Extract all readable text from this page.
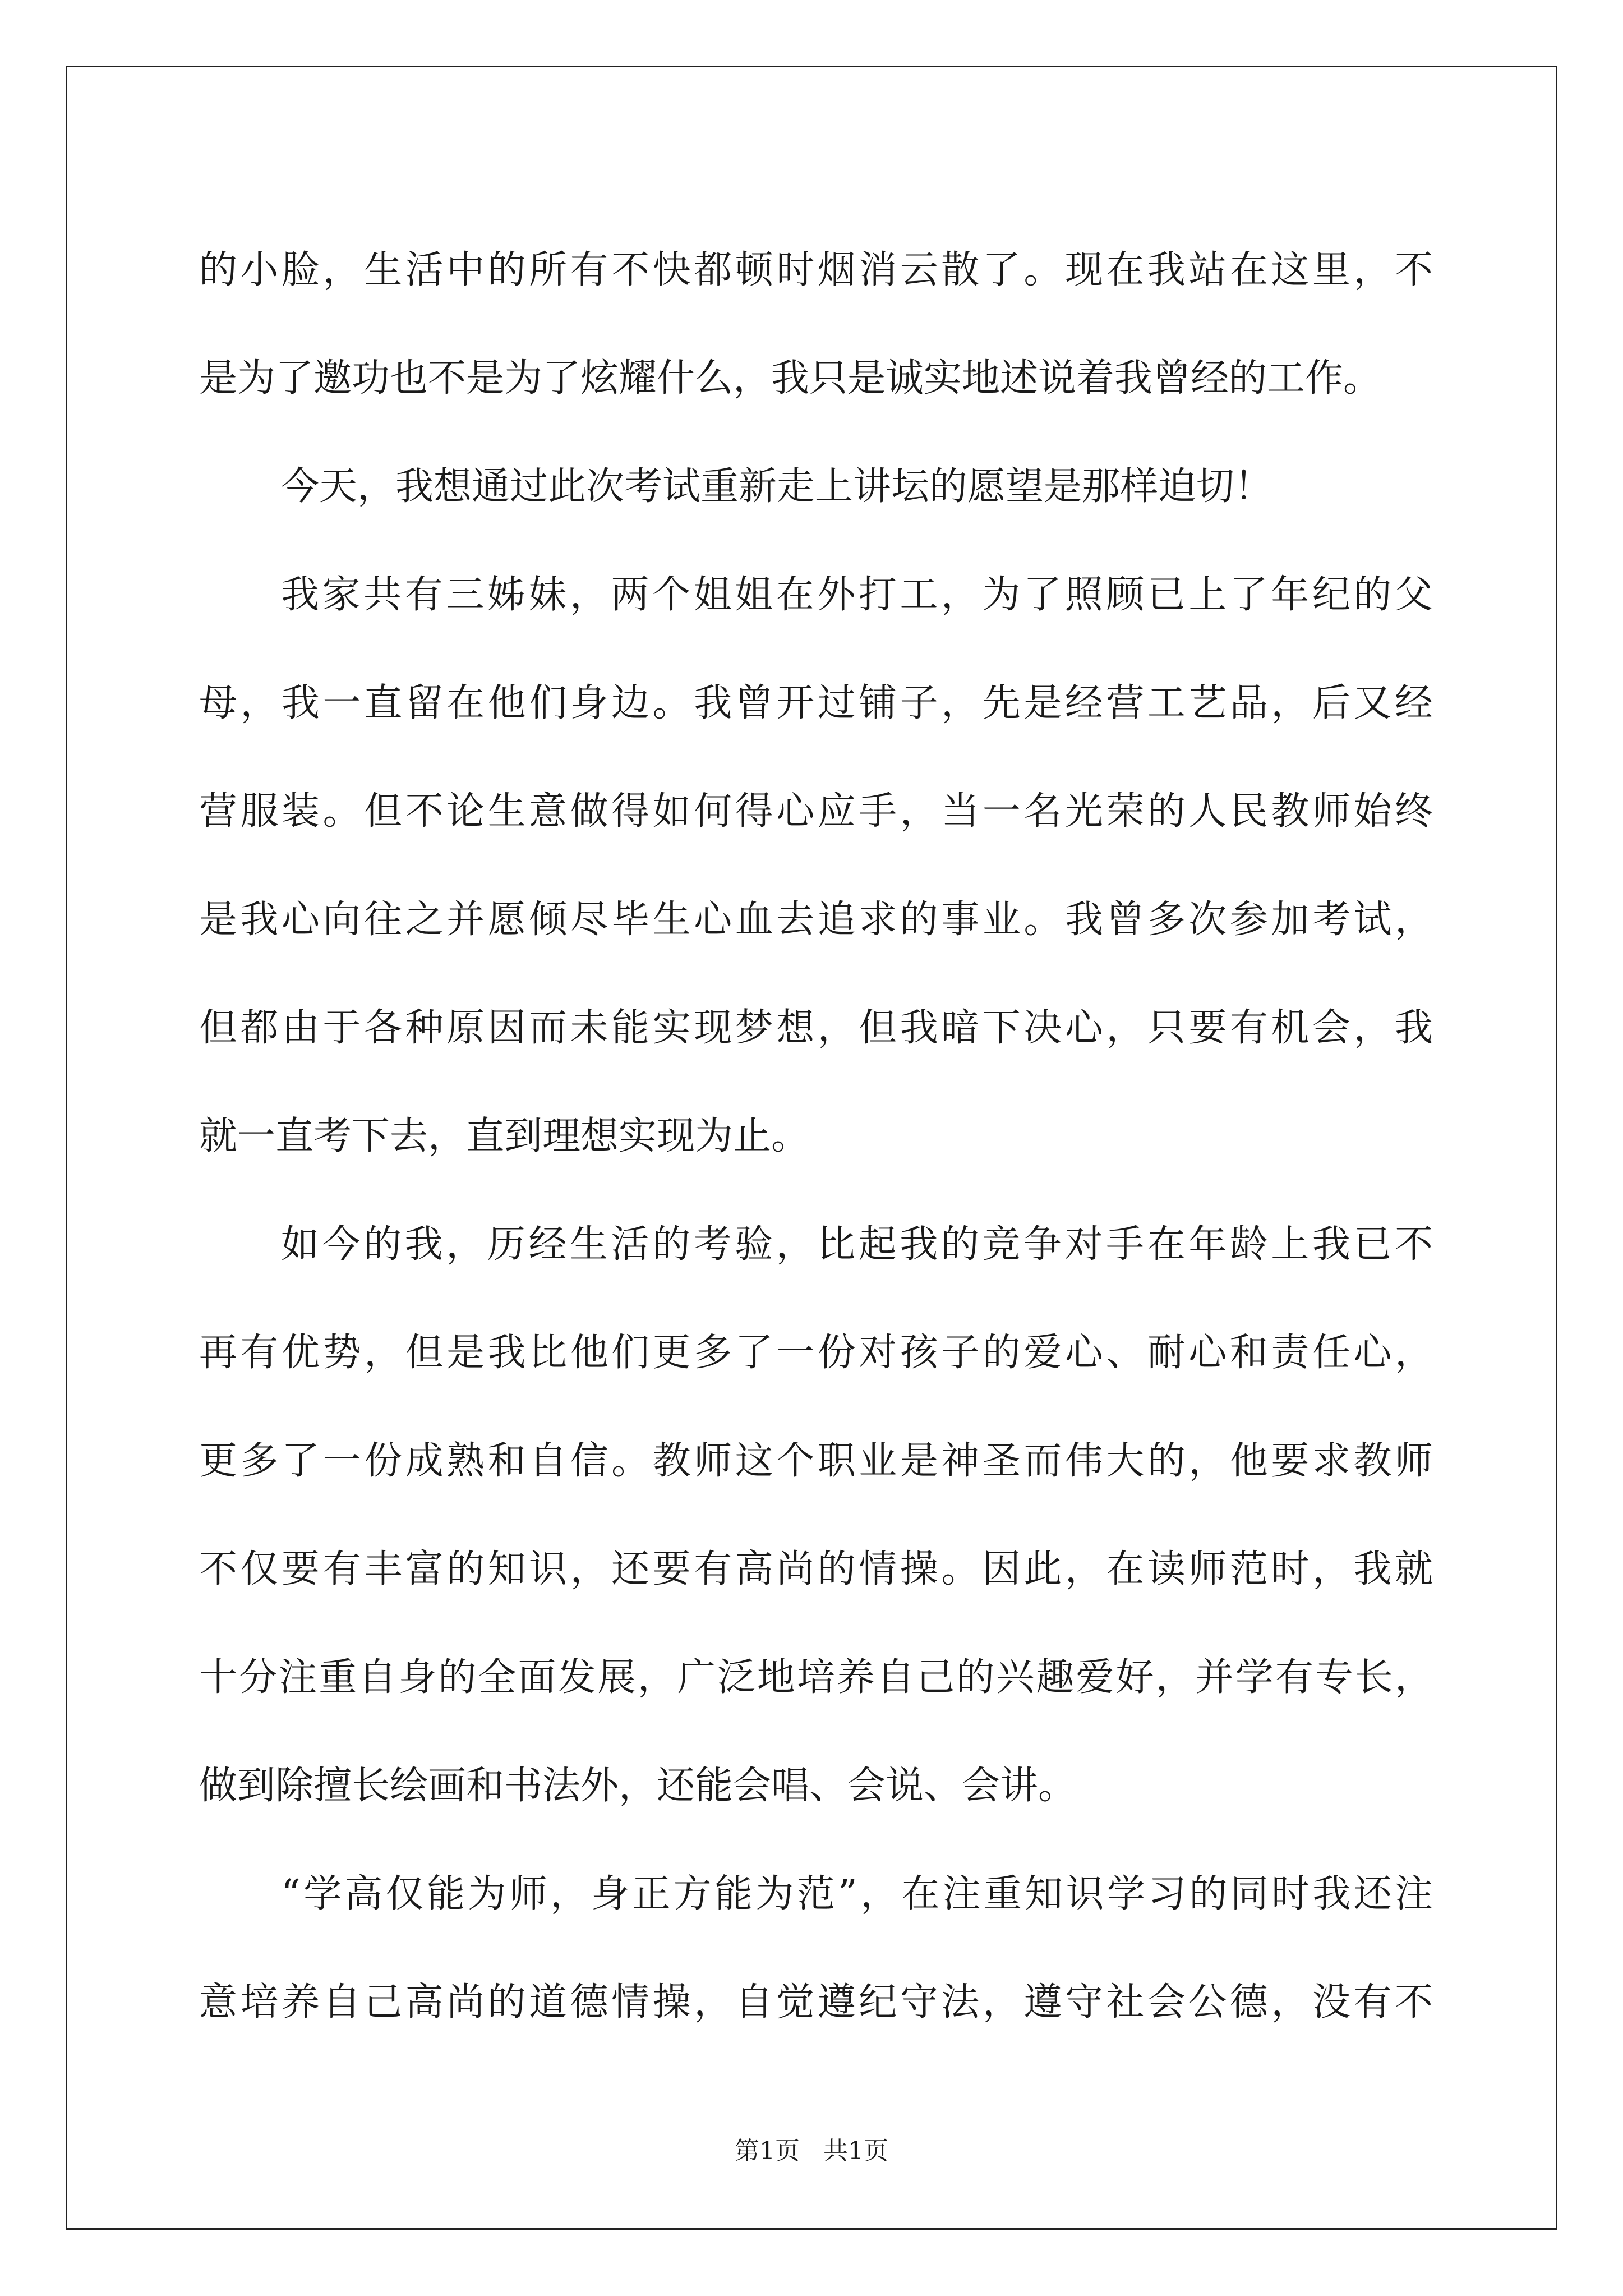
的小脸，生活中的所有不快都顿时烟消云散了。现在我站在这里，不
是为了邀功也不是为了炫耀什么，我只是诚实地述说着我曾经的工作。
今天，我想通过此次考试重新走上讲坛的愿望是那样迫切！
我家共有三姊妹，两个姐姐在外打工，为了照顾已上了年纪的父
母，我一直留在他们身边。我曾开过铺子，先是经营工艺品，后又经
营服装。但不论生意做得如何得心应手，当一名光荣的人民教师始终
是我心向往之并愿倾尽毕生心血去追求的事业。我曾多次参加考试，
但都由于各种原因而未能实现梦想，但我暗下决心，只要有机会，我
就一直考下去，直到理想实现为止。
如今的我，历经生活的考验，比起我的竞争对手在年龄上我已不
再有优势，但是我比他们更多了一份对孩子的爱心、耐心和责任心，
更多了一份成熟和自信。教师这个职业是神圣而伟大的，他要求教师
不仅要有丰富的知识，还要有高尚的情操。因此，在读师范时，我就
十分注重自身的全面发展，广泛地培养自己的兴趣爱好，并学有专长，
做到除擅长绘画和书法外，还能会唱、会说、会讲。
“学高仅能为师，身正方能为范”，在注重知识学习的同时我还注
意培养自己高尚的道德情操，自觉遵纪守法，遵守社会公德，没有不
第1页   共1页
